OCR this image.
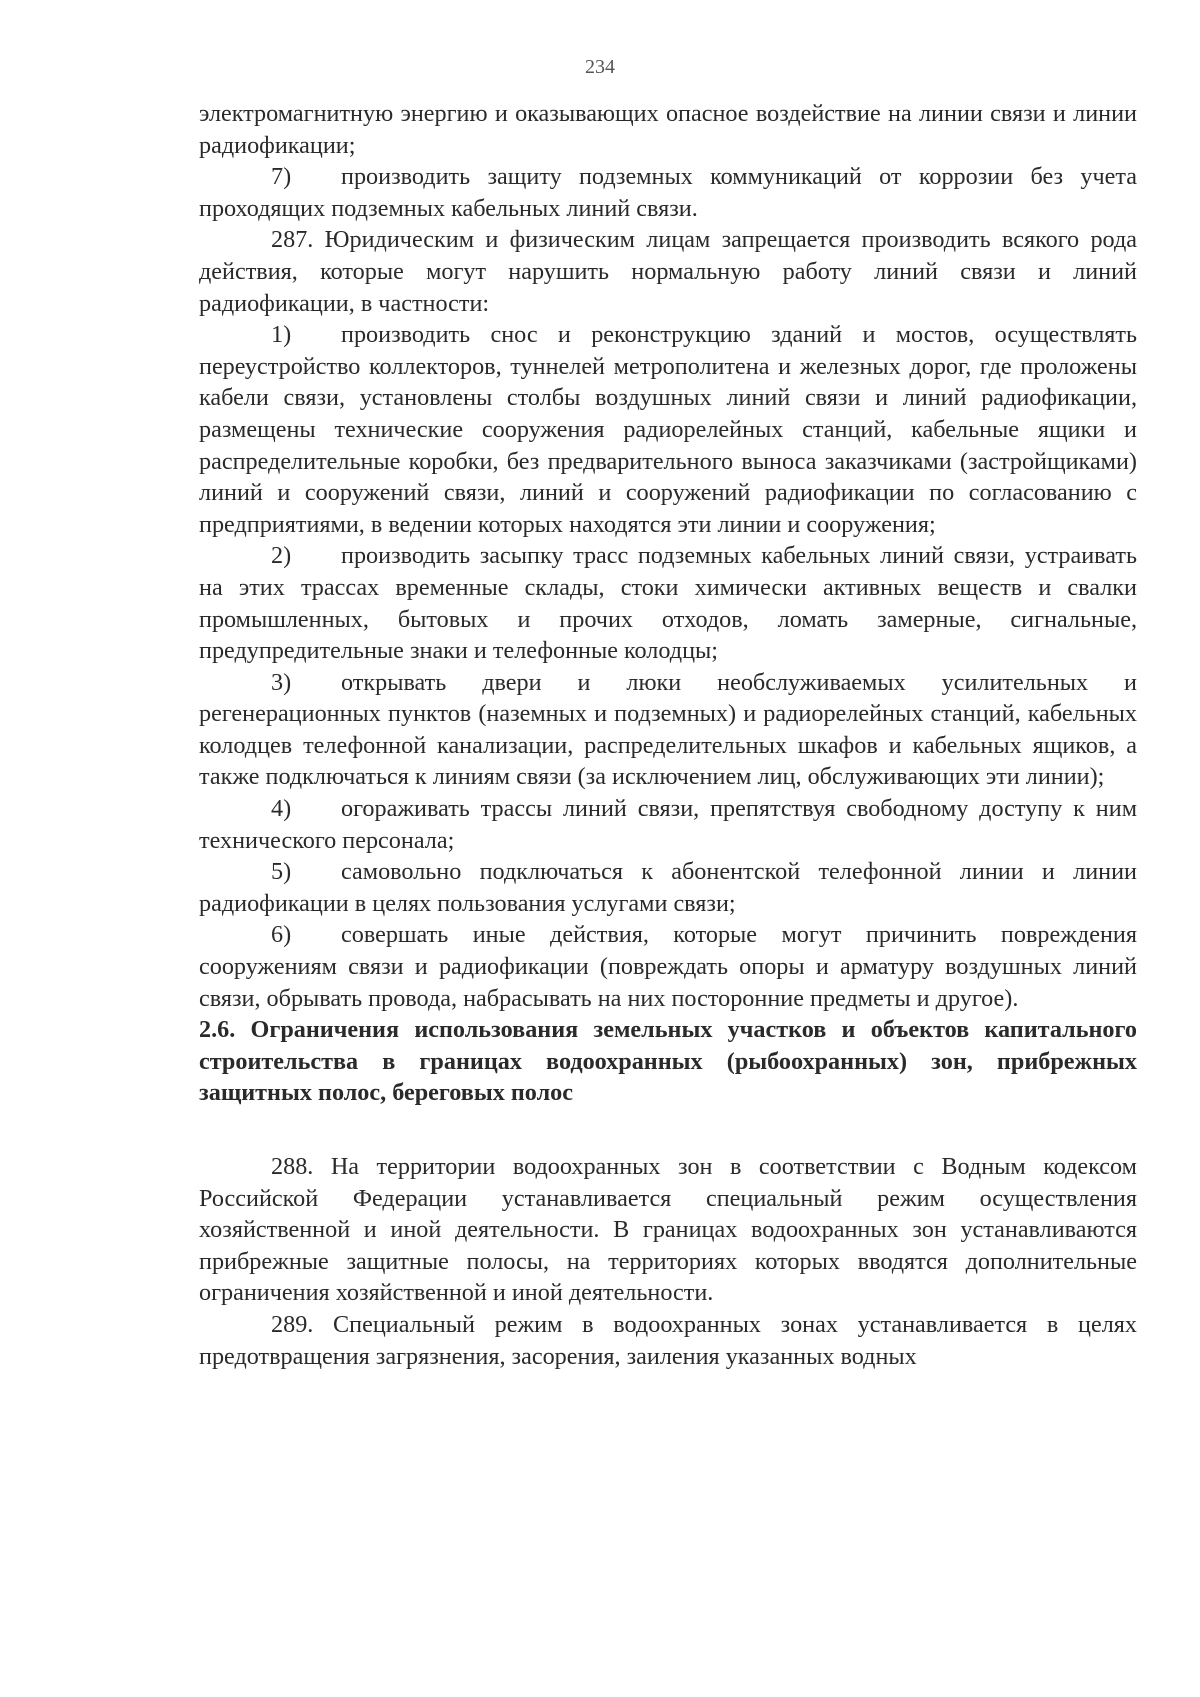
234

электромагнитную энергию и оказывающих опасное воздействие на линии связи и линии радиофикации;

7) производить защиту подземных коммуникаций от коррозии без учета проходящих подземных кабельных линий связи.

287. Юридическим и физическим лицам запрещается производить всякого рода действия, которые могут нарушить нормальную работу линий связи и линий радиофикации, в частности:

1) производить снос и реконструкцию зданий и мостов, осуществлять переустройство коллекторов, туннелей метрополитена и железных дорог, где проложены кабели связи, установлены столбы воздушных линий связи и линий радиофикации, размещены технические сооружения радиорелейных станций, кабельные ящики и распределительные коробки, без предварительного выноса заказчиками (застройщиками) линий и сооружений связи, линий и сооружений радиофикации по согласованию с предприятиями, в ведении которых находятся эти линии и сооружения;

2) производить засыпку трасс подземных кабельных линий связи, устраивать на этих трассах временные склады, стоки химически активных веществ и свалки промышленных, бытовых и прочих отходов, ломать замерные, сигнальные, предупредительные знаки и телефонные колодцы;

3) открывать двери и люки необслуживаемых усилительных и регенерационных пунктов (наземных и подземных) и радиорелейных станций, кабельных колодцев телефонной канализации, распределительных шкафов и кабельных ящиков, а также подключаться к линиям связи (за исключением лиц, обслуживающих эти линии);

4) огораживать трассы линий связи, препятствуя свободному доступу к ним технического персонала;

5) самовольно подключаться к абонентской телефонной линии и линии радиофикации в целях пользования услугами связи;

6) совершать иные действия, которые могут причинить повреждения сооружениям связи и радиофикации (повреждать опоры и арматуру воздушных линий связи, обрывать провода, набрасывать на них посторонние предметы и другое).

2.6. Ограничения использования земельных участков и объектов капитального строительства в границах водоохранных (рыбоохранных) зон, прибрежных защитных полос, береговых полос

288. На территории водоохранных зон в соответствии с Водным кодексом Российской Федерации устанавливается специальный режим осуществления хозяйственной и иной деятельности. В границах водоохранных зон устанавливаются прибрежные защитные полосы, на территориях которых вводятся дополнительные ограничения хозяйственной и иной деятельности.

289. Специальный режим в водоохранных зонах устанавливается в целях предотвращения загрязнения, засорения, заиления указанных водных
